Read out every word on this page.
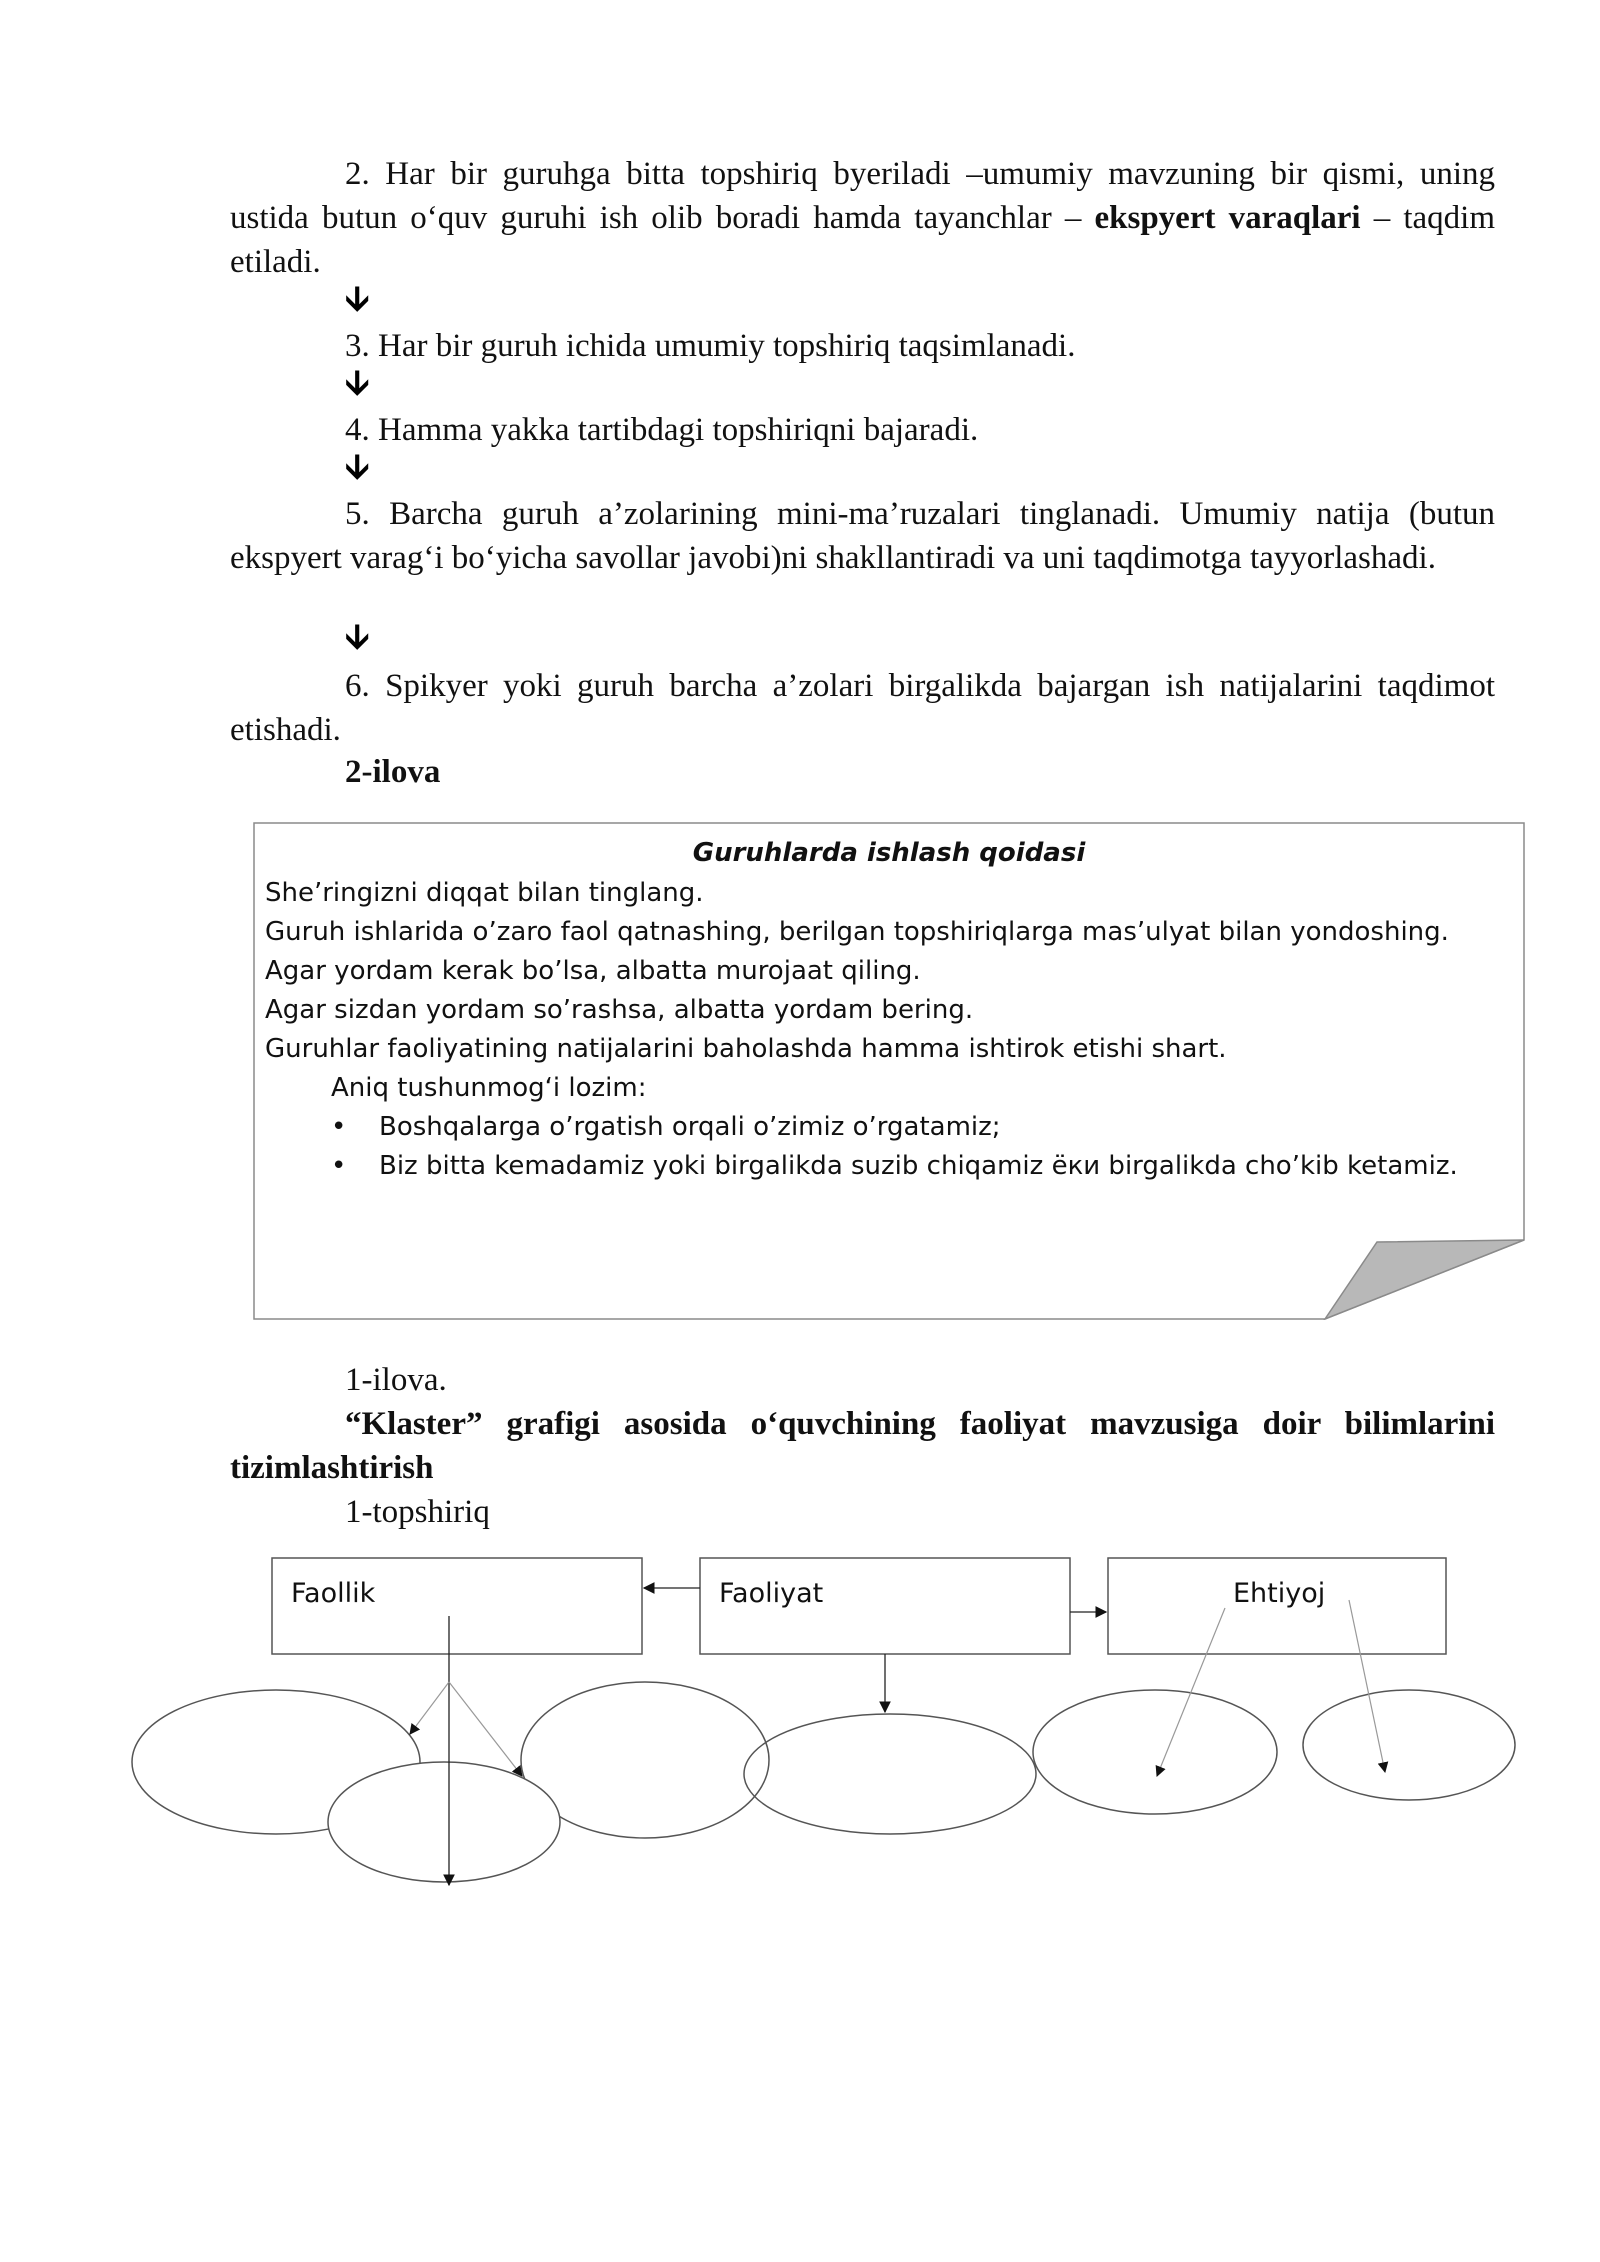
2. Har bir guruhga bitta topshiriq byeriladi –umumiy mavzuning bir qismi, uning ustida butun o‘quv guruhi ish olib boradi hamda tayanchlar – ekspyert varaqlari – taqdim etiladi.
🡫
3. Har bir guruh ichida umumiy topshiriq taqsimlanadi.
🡫
4. Hamma yakka tartibdagi topshiriqni bajaradi.
🡫
5. Barcha guruh a’zolarining mini-ma’ruzalari tinglanadi. Umumiy natija (butun ekspyert varag‘i bo‘yicha savollar javobi)ni shakllantiradi va uni taqdimotga tayyorlashadi.
🡫
6. Spikyer yoki guruh barcha a’zolari birgalikda bajargan ish natijalarini taqdimot etishadi.
2-ilova
Guruhlarda ishlash qoidasi
She’ringizni diqqat bilan tinglang.
Guruh ishlarida o’zaro faol qatnashing, berilgan topshiriqlarga mas’ulyat bilan yondoshing.
Agar yordam kerak bo’lsa, albatta murojaat qiling.
Agar sizdan yordam so’rashsa, albatta yordam bering.
Guruhlar faoliyatining natijalarini baholashda hamma ishtirok etishi shart.
Aniq tushunmog‘i lozim:
• Boshqalarga o’rgatish orqali o’zimiz o’rgatamiz;
• Biz bitta kemadamiz yoki birgalikda suzib chiqamiz ёки birgalikda cho’kib ketamiz.
1-ilova.
“Klaster” grafigi asosida o‘quvchining faoliyat mavzusiga doir bilimlarini tizimlashtirish
1-topshiriq
Faollik	Faoliyat	Ehtiyoj
